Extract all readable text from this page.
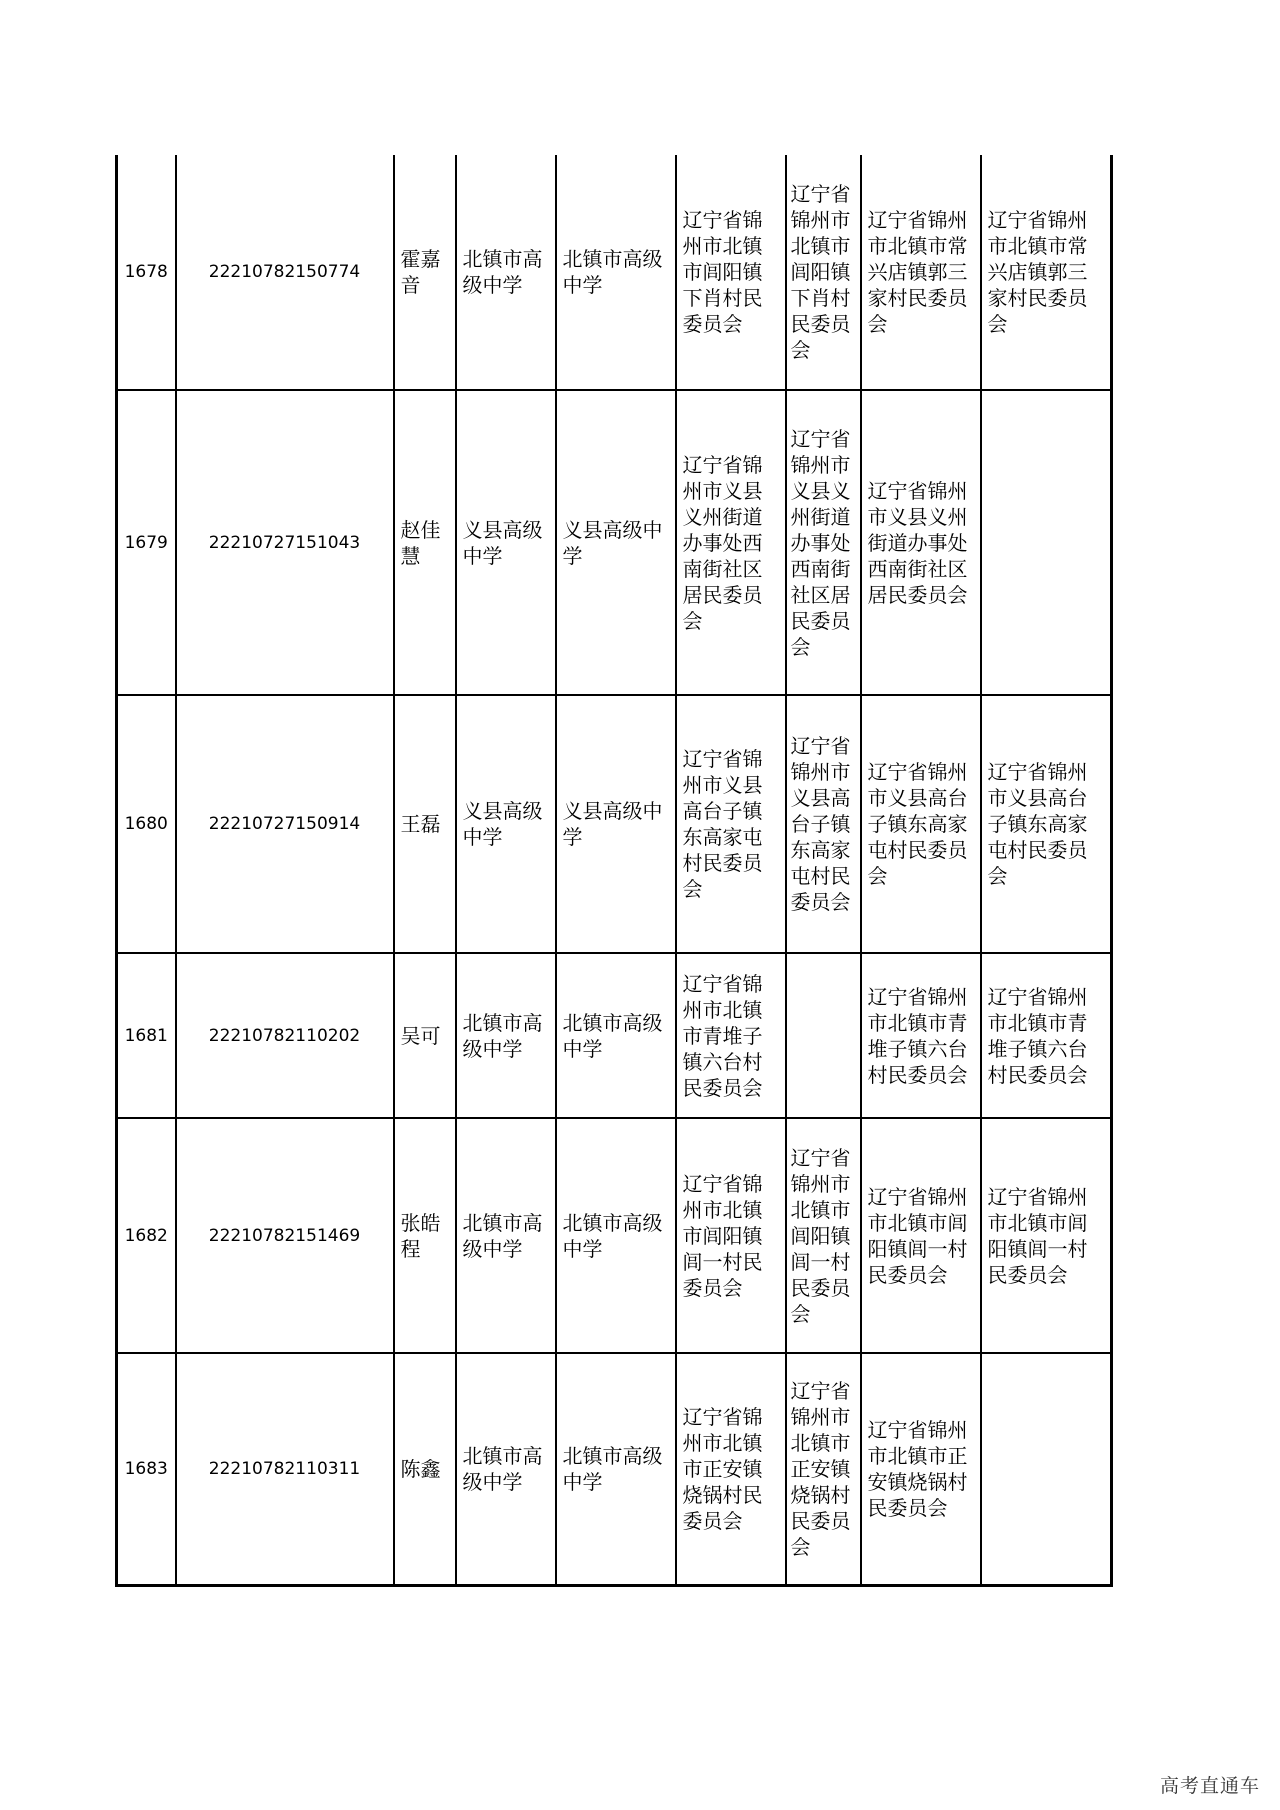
1678	22210782150774	霍嘉音	北镇市高级中学	北镇市高级中学	辽宁省锦州市北镇市闾阳镇下肖村民委员会	辽宁省锦州市北镇市闾阳镇下肖村民委员会	辽宁省锦州市北镇市常兴店镇郭三家村民委员会	辽宁省锦州市北镇市常兴店镇郭三家村民委员会
1679	22210727151043	赵佳慧	义县高级中学	义县高级中学	辽宁省锦州市义县义州街道办事处西南街社区居民委员会	辽宁省锦州市义县义州街道办事处西南街社区居民委员会	辽宁省锦州市义县义州街道办事处西南街社区居民委员会	
1680	22210727150914	王磊	义县高级中学	义县高级中学	辽宁省锦州市义县高台子镇东高家屯村民委员会	辽宁省锦州市义县高台子镇东高家屯村民委员会	辽宁省锦州市义县高台子镇东高家屯村民委员会	辽宁省锦州市义县高台子镇东高家屯村民委员会
1681	22210782110202	吴可	北镇市高级中学	北镇市高级中学	辽宁省锦州市北镇市青堆子镇六台村民委员会		辽宁省锦州市北镇市青堆子镇六台村民委员会	辽宁省锦州市北镇市青堆子镇六台村民委员会
1682	22210782151469	张皓程	北镇市高级中学	北镇市高级中学	辽宁省锦州市北镇市闾阳镇闾一村民委员会	辽宁省锦州市北镇市闾阳镇闾一村民委员会	辽宁省锦州市北镇市闾阳镇闾一村民委员会	辽宁省锦州市北镇市闾阳镇闾一村民委员会
1683	22210782110311	陈鑫	北镇市高级中学	北镇市高级中学	辽宁省锦州市北镇市正安镇烧锅村民委员会	辽宁省锦州市北镇市正安镇烧锅村民委员会	辽宁省锦州市北镇市正安镇烧锅村民委员会	
高考直通车
